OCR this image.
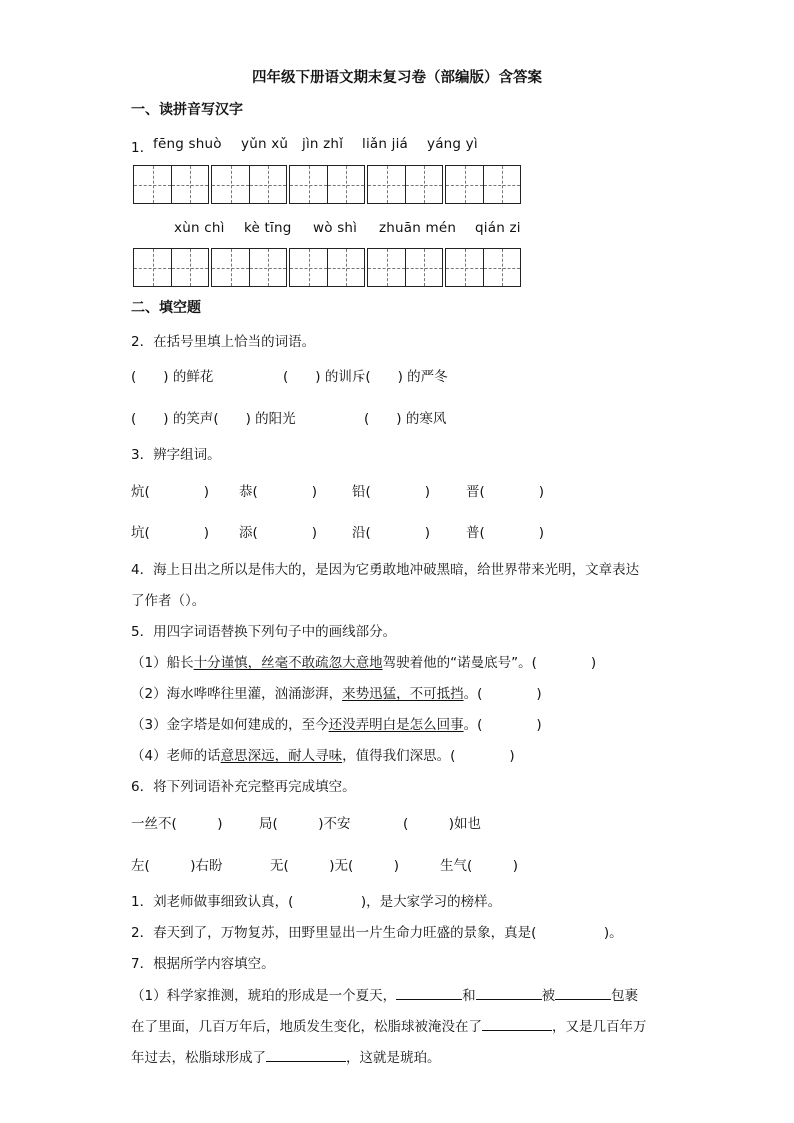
四年级下册语文期末复习卷（部编版）含答案
一、读拼音写汉字
1． fēng shuò yǔn xǔ jìn zhǐ liǎn jiá yáng yì
xùn chì kè tīng wò shì zhuān mén qián zi
二、填空题
2．在括号里填上恰当的词语。
(　　) 的鲜花	(　　) 的训斥(　　) 的严冬
(　　) 的笑声(　　) 的阳光	(　　) 的寒风
3．辨字组词。
炕(　　　　) 恭(　　　　)	铅(　　　　)	晋(　　　　)
坑(　　　　) 添(　　　　)	沿(　　　　)	普(　　　　)
4．海上日出之所以是伟大的，是因为它勇敢地冲破黑暗，给世界带来光明，文章表达
了作者（）。
5．用四字词语替换下列句子中的画线部分。
（1）船长十分谨慎，丝毫不敢疏忽大意地驾驶着他的“诺曼底号”。(　　　　)
（2）海水哗哗往里灌，汹涌澎湃，来势迅猛，不可抵挡。(　　　　)
（3）金字塔是如何建成的，至今还没弄明白是怎么回事。(　　　　)
（4）老师的话意思深远，耐人寻味，值得我们深思。(　　　　)
6．将下列词语补充完整再完成填空。
一丝不(　　　)	局(　　　)不安	(　　　)如也
左(　　　)右盼	无(　　　)无(　　　)	生气(　　　)
1．刘老师做事细致认真，(　　　　　)，是大家学习的榜样。
2．春天到了，万物复苏，田野里显出一片生命力旺盛的景象，真是(　　　　　)。
7．根据所学内容填空。
（1）科学家推测，琥珀的形成是一个夏天，	和	被	包裹
在了里面，几百万年后，地质发生变化，松脂球被淹没在了	，又是几百年万
年过去，松脂球形成了	，这就是琥珀。
